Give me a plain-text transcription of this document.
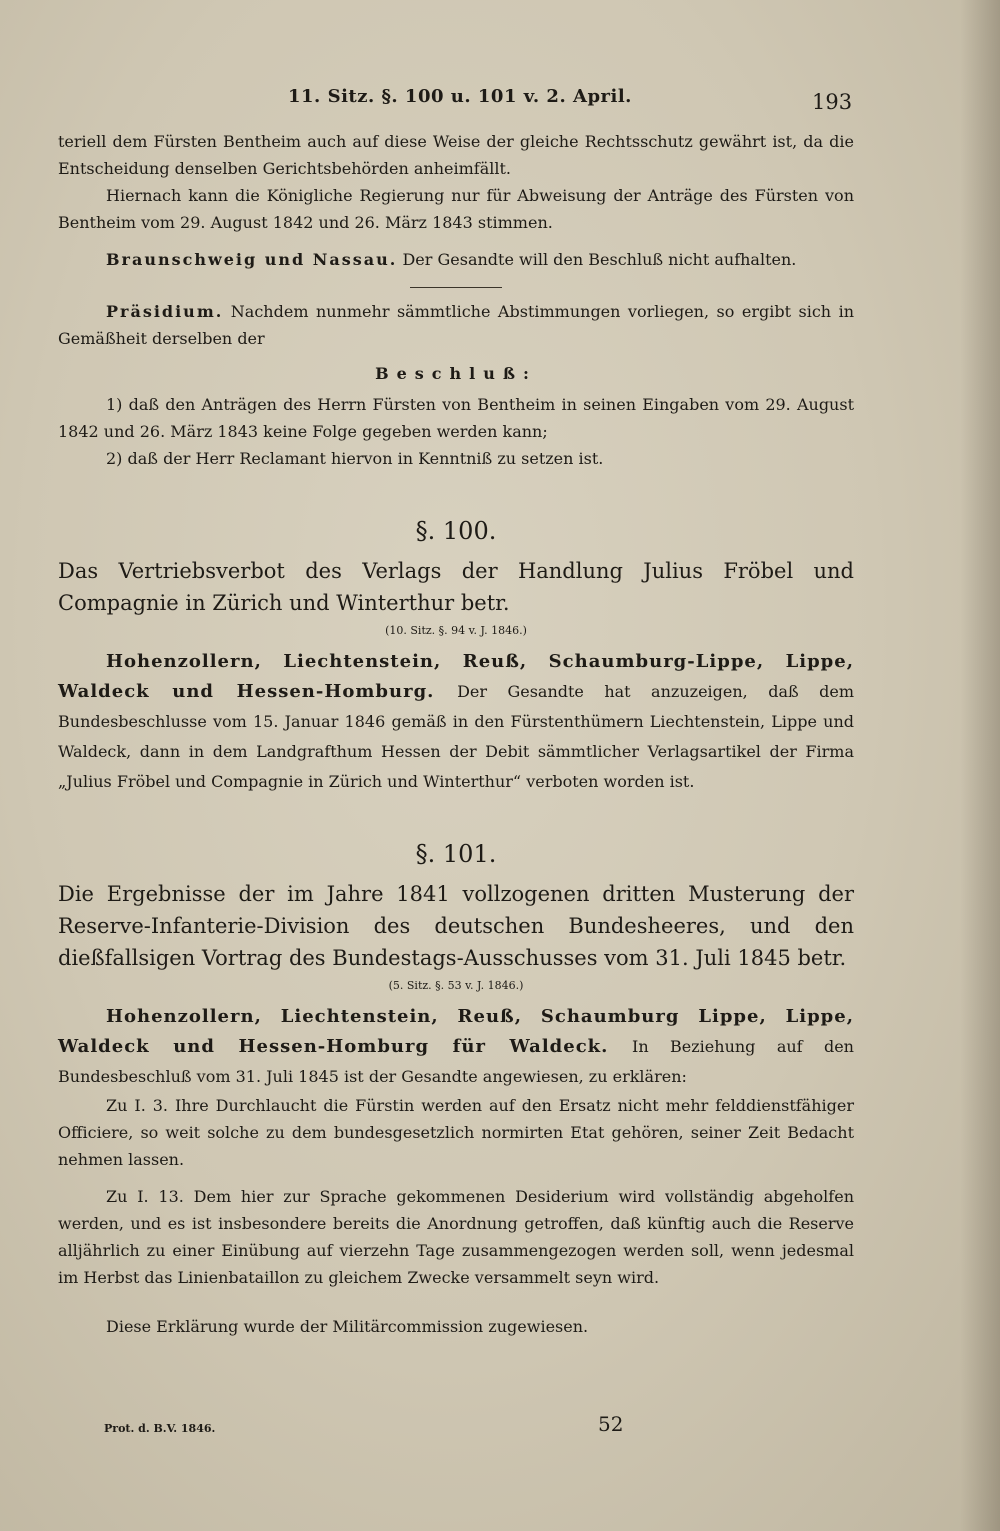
11. Sitz. §. 100 u. 101 v. 2. April.	193

teriell dem Fürsten Bentheim auch auf diese Weise der gleiche Rechtsschutz gewährt ist, da die Entscheidung denselben Gerichtsbehörden anheimfällt.

Hiernach kann die Königliche Regierung nur für Abweisung der Anträge des Fürsten von Bentheim vom 29. August 1842 und 26. März 1843 stimmen.

Braunschweig und Nassau. Der Gesandte will den Beschluß nicht aufhalten.

Präsidium. Nachdem nunmehr sämmtliche Abstimmungen vorliegen, so ergibt sich in Gemäßheit derselben der

Beschluß:

1) daß den Anträgen des Herrn Fürsten von Bentheim in seinen Eingaben vom 29. August 1842 und 26. März 1843 keine Folge gegeben werden kann;

2) daß der Herr Reclamant hiervon in Kenntniß zu setzen ist.

§. 100.

Das Vertriebsverbot des Verlags der Handlung Julius Fröbel und Compagnie in Zürich und Winterthur betr.

(10. Sitz. §. 94 v. J. 1846.)

Hohenzollern, Liechtenstein, Reuß, Schaumburg-Lippe, Lippe, Waldeck und Hessen-Homburg. Der Gesandte hat anzuzeigen, daß dem Bundesbeschlusse vom 15. Januar 1846 gemäß in den Fürstenthümern Liechtenstein, Lippe und Waldeck, dann in dem Landgrafthum Hessen der Debit sämmtlicher Verlagsartikel der Firma „Julius Fröbel und Compagnie in Zürich und Winterthur“ verboten worden ist.

§. 101.

Die Ergebnisse der im Jahre 1841 vollzogenen dritten Musterung der Reserve-Infanterie-Division des deutschen Bundesheeres, und den dießfallsigen Vortrag des Bundestags-Ausschusses vom 31. Juli 1845 betr.

(5. Sitz. §. 53 v. J. 1846.)

Hohenzollern, Liechtenstein, Reuß, Schaumburg Lippe, Lippe, Waldeck und Hessen-Homburg für Waldeck. In Beziehung auf den Bundesbeschluß vom 31. Juli 1845 ist der Gesandte angewiesen, zu erklären:

Zu I. 3. Ihre Durchlaucht die Fürstin werden auf den Ersatz nicht mehr felddienstfähiger Officiere, so weit solche zu dem bundesgesetzlich normirten Etat gehören, seiner Zeit Bedacht nehmen lassen.

Zu I. 13. Dem hier zur Sprache gekommenen Desiderium wird vollständig abgeholfen werden, und es ist insbesondere bereits die Anordnung getroffen, daß künftig auch die Reserve alljährlich zu einer Einübung auf vierzehn Tage zusammengezogen werden soll, wenn jedesmal im Herbst das Linienbataillon zu gleichem Zwecke versammelt seyn wird.

Diese Erklärung wurde der Militärcommission zugewiesen.

Prot. d. B.V. 1846.	52
